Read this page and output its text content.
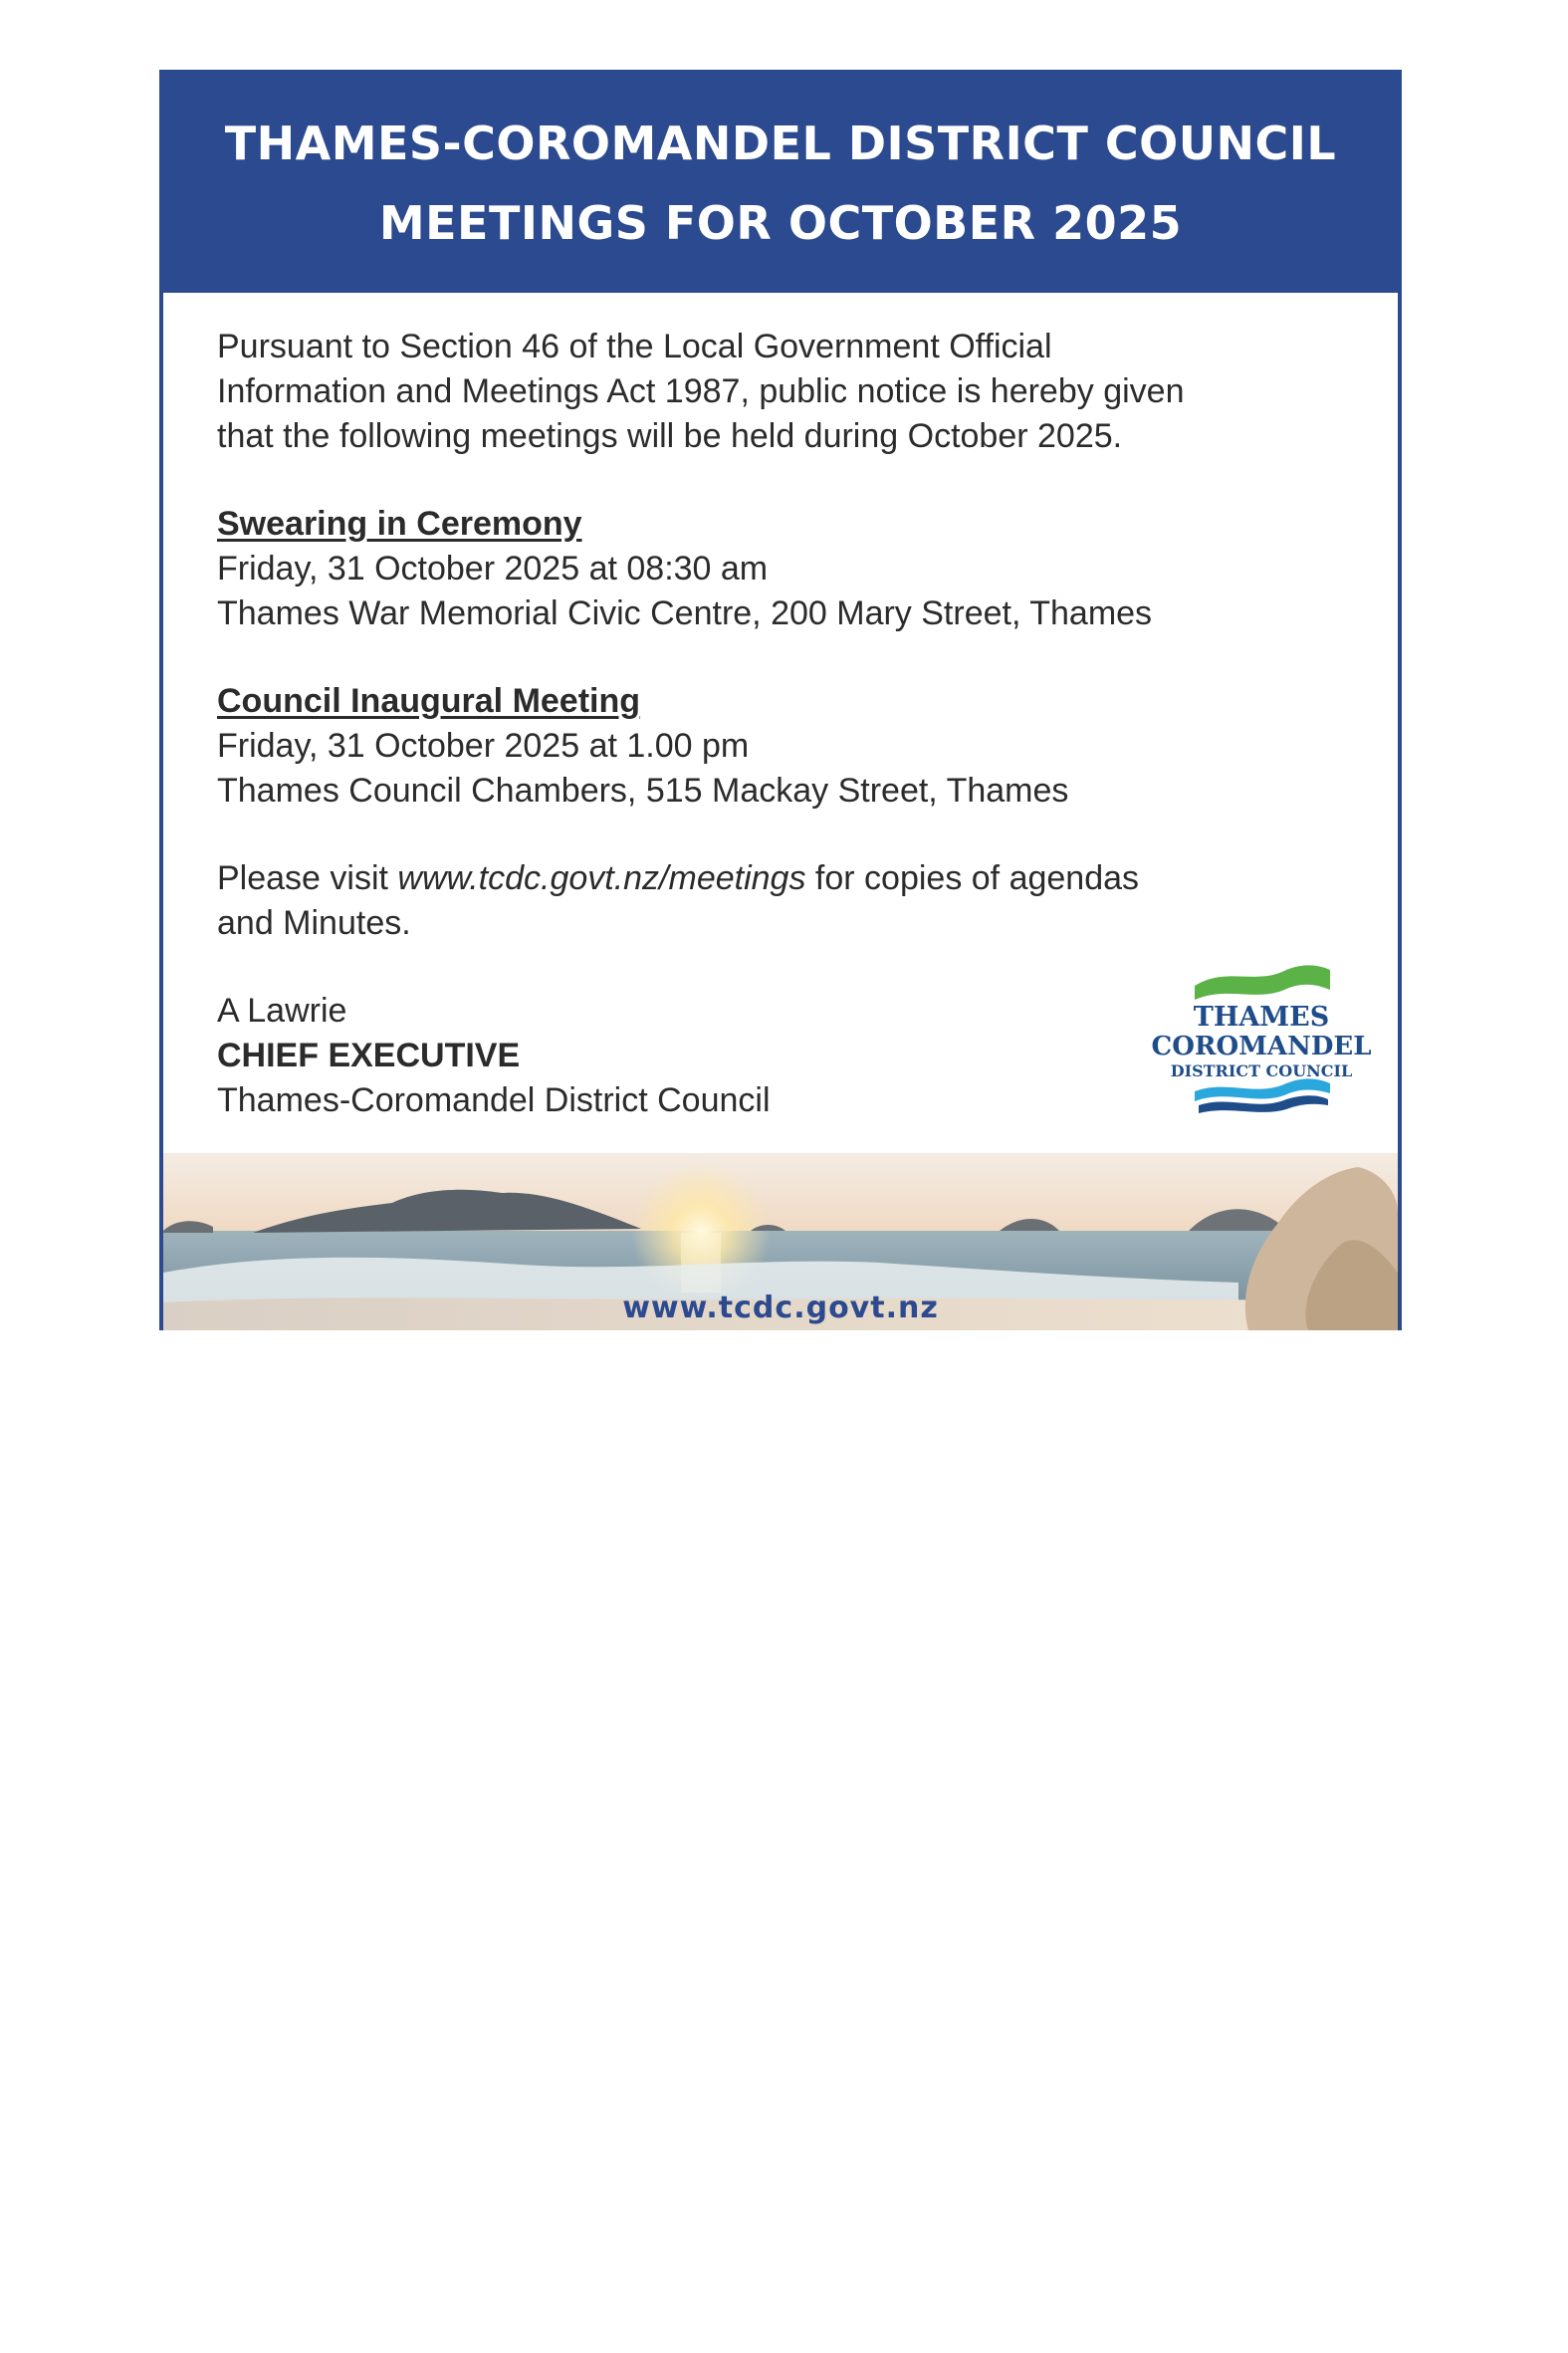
THAMES-COROMANDEL DISTRICT COUNCIL
MEETINGS FOR OCTOBER 2025

Pursuant to Section 46 of the Local Government Official
Information and Meetings Act 1987, public notice is hereby given
that the following meetings will be held during October 2025.

Swearing in Ceremony
Friday, 31 October 2025 at 08:30 am
Thames War Memorial Civic Centre, 200 Mary Street, Thames
Council Inaugural Meeting
Friday, 31 October 2025 at 1.00 pm
Thames Council Chambers, 515 Mackay Street, Thames
Please visit www.tcdc.govt.nz/meetings for copies of agendas
and Minutes.
A Lawrie
CHIEF EXECUTIVE
Thames-Coromandel District Council
THAMES
COROMANDEL
DISTRICT COUNCIL
www.tcdc.govt.nz
